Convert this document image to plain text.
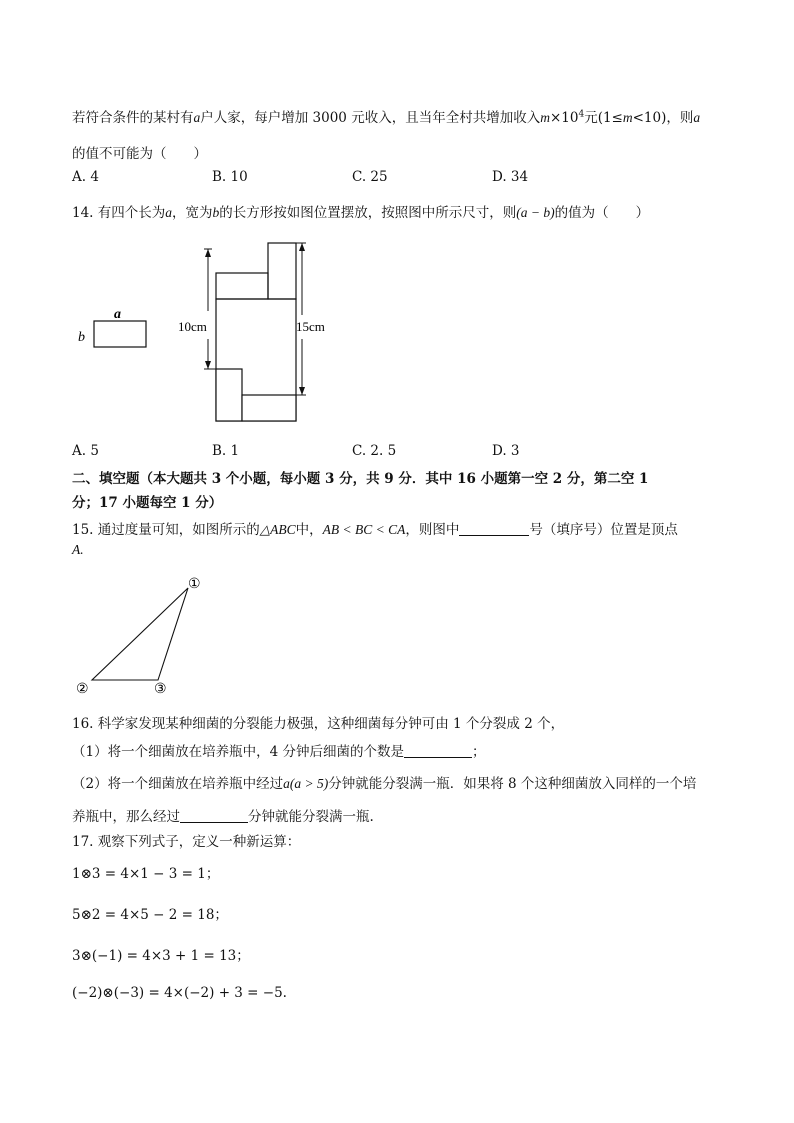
若符合条件的某村有a户人家，每户增加 3000 元收入，且当年全村共增加收入$m\times 10^4$元(1≤m<10)，则a
的值不可能为（　　）
A. 4	B. 10	C. 25	D. 34
14. 有四个长为a，宽为b的长方形按如图位置摆放，按照图中所示尺寸，则(a − b)的值为（　　）
a
b
10cm	15cm
A. 5	B. 1	C. 2. 5	D. 3
二、填空题（本大题共 3 个小题，每小题 3 分，共 9 分．其中 16 小题第一空 2 分，第二空 1
分；17 小题每空 1 分）
15. 通过度量可知，如图所示的△ABC中，AB < BC < CA，则图中	号（填序号）位置是顶点
A.
①
②	③
16. 科学家发现某种细菌的分裂能力极强，这种细菌每分钟可由 1 个分裂成 2 个，
（1）将一个细菌放在培养瓶中，4 分钟后细菌的个数是	；
（2）将一个细菌放在培养瓶中经过a(a > 5)分钟就能分裂满一瓶．如果将 8 个这种细菌放入同样的一个培
养瓶中，那么经过	分钟就能分裂满一瓶.
17. 观察下列式子，定义一种新运算：
1⊗3 = 4×1 − 3 = 1；
5⊗2 = 4×5 − 2 = 18；
3⊗(−1) = 4×3 + 1 = 13；
(−2)⊗(−3) = 4×(−2) + 3 = −5.
